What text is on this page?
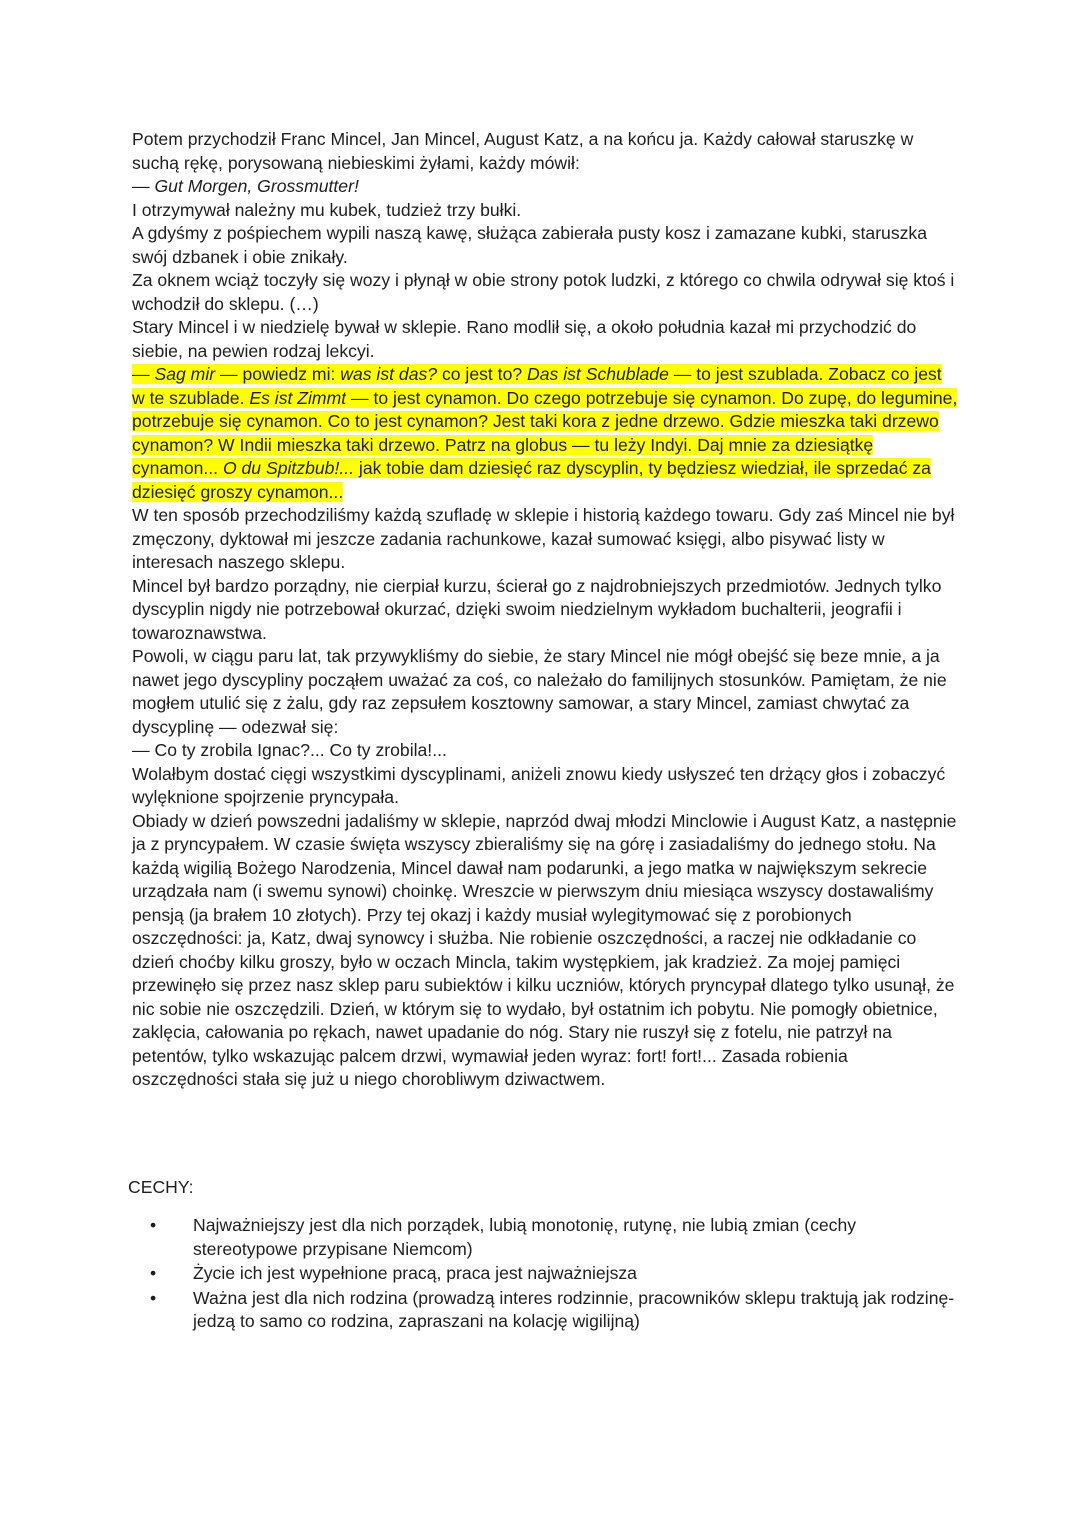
Potem przychodził Franc Mincel, Jan Mincel, August Katz, a na końcu ja. Każdy całował staruszkę w suchą rękę, porysowaną niebieskimi żyłami, każdy mówił:

— Gut Morgen, Grossmutter!

I otrzymywał należny mu kubek, tudzież trzy bułki.

A gdyśmy z pośpiechem wypili naszą kawę, służąca zabierała pusty kosz i zamazane kubki, staruszka swój dzbanek i obie znikały.

Za oknem wciąż toczyły się wozy i płynął w obie strony potok ludzki, z którego co chwila odrywał się ktoś i wchodził do sklepu. (…)

Stary Mincel i w niedzielę bywał w sklepie. Rano modlił się, a około południa kazał mi przychodzić do siebie, na pewien rodzaj lekcyi.

— Sag mir — powiedz mi: was ist das? co jest to? Das ist Schublade — to jest szublada. Zobacz co jest w te szublade. Es ist Zimmt — to jest cynamon. Do czego potrzebuje się cynamon. Do zupę, do legumine, potrzebuje się cynamon. Co to jest cynamon? Jest taki kora z jedne drzewo. Gdzie mieszka taki drzewo cynamon? W Indii mieszka taki drzewo. Patrz na globus — tu leży Indyi. Daj mnie za dziesiątkę cynamon... O du Spitzbub!... jak tobie dam dziesięć raz dyscyplin, ty będziesz wiedział, ile sprzedać za dziesięć groszy cynamon...

W ten sposób przechodziliśmy każdą szufladę w sklepie i historią każdego towaru. Gdy zaś Mincel nie był zmęczony, dyktował mi jeszcze zadania rachunkowe, kazał sumować księgi, albo pisywać listy w interesach naszego sklepu.

Mincel był bardzo porządny, nie cierpiał kurzu, ścierał go z najdrobniejszych przedmiotów. Jednych tylko dyscyplin nigdy nie potrzebował okurzać, dzięki swoim niedzielnym wykładom buchalterii, jeografii i towaroznawstwa.

Powoli, w ciągu paru lat, tak przywykliśmy do siebie, że stary Mincel nie mógł obejść się beze mnie, a ja nawet jego dyscypliny począłem uważać za coś, co należało do familijnych stosunków. Pamiętam, że nie mogłem utulić się z żalu, gdy raz zepsułem kosztowny samowar, a stary Mincel, zamiast chwytać za dyscyplinę — odezwał się:

— Co ty zrobila Ignac?... Co ty zrobila!...

Wolałbym dostać cięgi wszystkimi dyscyplinami, aniżeli znowu kiedy usłyszeć ten drżący głos i zobaczyć wylęknione spojrzenie pryncypała.

Obiady w dzień powszedni jadaliśmy w sklepie, naprzód dwaj młodzi Minclowie i August Katz, a następnie ja z pryncypałem. W czasie święta wszyscy zbieraliśmy się na górę i zasiadaliśmy do jednego stołu. Na każdą wigilią Bożego Narodzenia, Mincel dawał nam podarunki, a jego matka w największym sekrecie urządzała nam (i swemu synowi) choinkę. Wreszcie w pierwszym dniu miesiąca wszyscy dostawaliśmy pensją (ja brałem 10 złotych). Przy tej okazj i każdy musiał wylegitymować się z porobionych oszczędności: ja, Katz, dwaj synowcy i służba. Nie robienie oszczędności, a raczej nie odkładanie co dzień choćby kilku groszy, było w oczach Mincla, takim występkiem, jak kradzież. Za mojej pamięci przewinęło się przez nasz sklep paru subiektów i kilku uczniów, których pryncypał dlatego tylko usunął, że nic sobie nie oszczędzili. Dzień, w którym się to wydało, był ostatnim ich pobytu. Nie pomogły obietnice, zaklęcia, całowania po rękach, nawet upadanie do nóg. Stary nie ruszył się z fotelu, nie patrzył na petentów, tylko wskazując palcem drzwi, wymawiał jeden wyraz: fort! fort!... Zasada robienia oszczędności stała się już u niego chorobliwym dziwactwem.

CECHY:
• Najważniejszy jest dla nich porządek, lubią monotonię, rutynę, nie lubią zmian (cechy stereotypowe przypisane Niemcom)
• Życie ich jest wypełnione pracą, praca jest najważniejsza
• Ważna jest dla nich rodzina (prowadzą interes rodzinnie, pracowników sklepu traktują jak rodzinę- jedzą to samo co rodzina, zapraszani na kolację wigilijną)
